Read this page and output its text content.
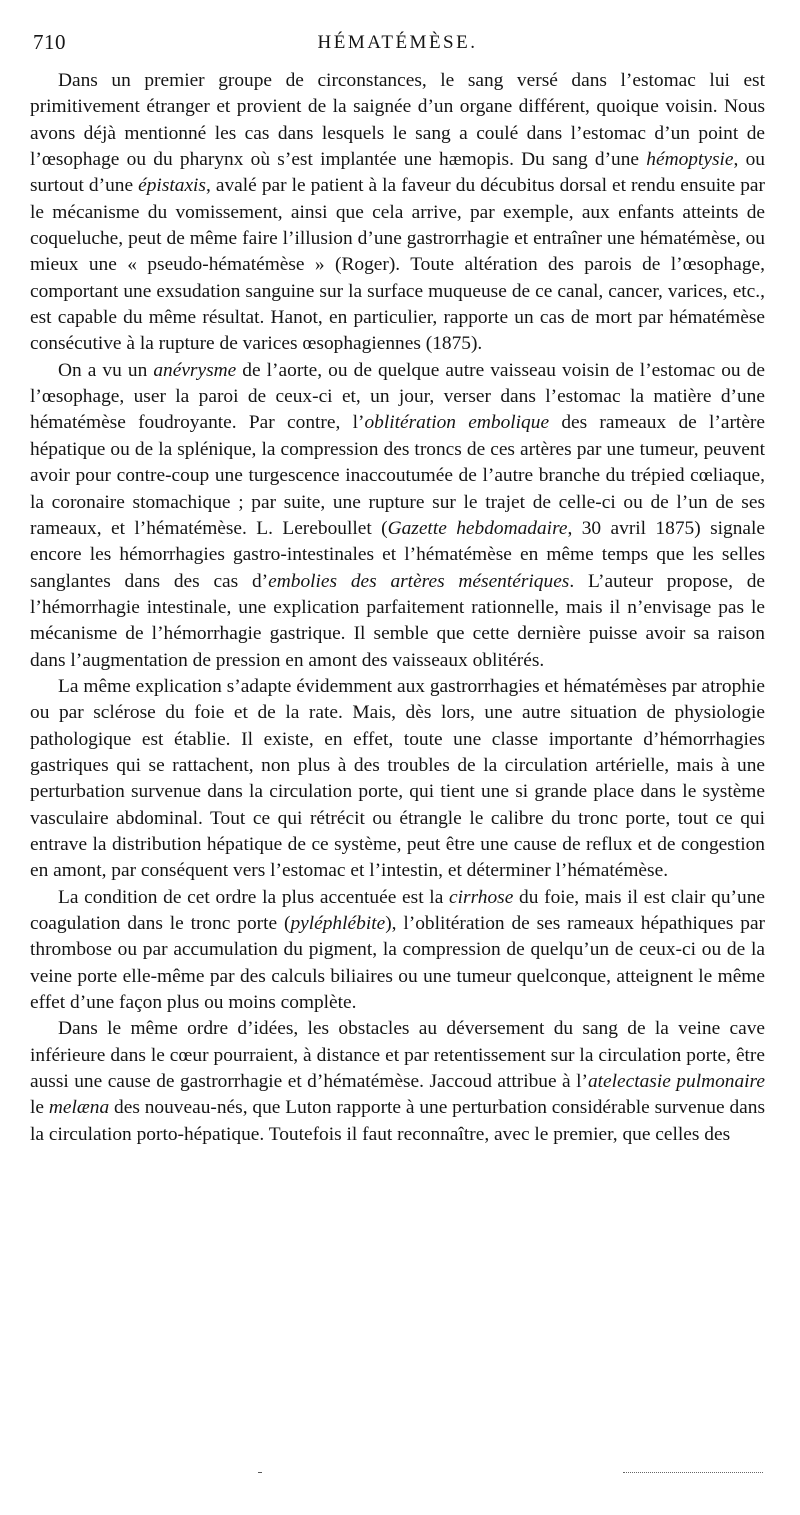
710	HÉMATÉMÈSE.

Dans un premier groupe de circonstances, le sang versé dans l’estomac lui est primitivement étranger et provient de la saignée d’un organe différent, quoique voisin. Nous avons déjà mentionné les cas dans lesquels le sang a coulé dans l’estomac d’un point de l’œsophage ou du pharynx où s’est implantée une hæmopis. Du sang d’une hémoptysie, ou surtout d’une épistaxis, avalé par le patient à la faveur du décubitus dorsal et rendu ensuite par le mécanisme du vomissement, ainsi que cela arrive, par exemple, aux enfants atteints de coqueluche, peut de même faire l’illusion d’une gastrorrhagie et entraîner une hématémèse, ou mieux une « pseudo-hématémèse » (Roger). Toute altération des parois de l’œsophage, comportant une exsudation sanguine sur la surface muqueuse de ce canal, cancer, varices, etc., est capable du même résultat. Hanot, en particulier, rapporte un cas de mort par hématémèse consécutive à la rupture de varices œsophagiennes (1875).

On a vu un anévrysme de l’aorte, ou de quelque autre vaisseau voisin de l’estomac ou de l’œsophage, user la paroi de ceux-ci et, un jour, verser dans l’estomac la matière d’une hématémèse foudroyante. Par contre, l’oblitération embolique des rameaux de l’artère hépatique ou de la splénique, la compression des troncs de ces artères par une tumeur, peuvent avoir pour contre-coup une turgescence inaccoutumée de l’autre branche du trépied cœliaque, la coronaire stomachique ; par suite, une rupture sur le trajet de celle-ci ou de l’un de ses rameaux, et l’hématémèse. L. Lereboullet (Gazette hebdomadaire, 30 avril 1875) signale encore les hémorrhagies gastro-intestinales et l’hématémèse en même temps que les selles sanglantes dans des cas d’embolies des artères mésentériques. L’auteur propose, de l’hémorrhagie intestinale, une explication parfaitement rationnelle, mais il n’envisage pas le mécanisme de l’hémorrhagie gastrique. Il semble que cette dernière puisse avoir sa raison dans l’augmentation de pression en amont des vaisseaux oblitérés.

La même explication s’adapte évidemment aux gastrorrhagies et hématémèses par atrophie ou par sclérose du foie et de la rate. Mais, dès lors, une autre situation de physiologie pathologique est établie. Il existe, en effet, toute une classe importante d’hémorrhagies gastriques qui se rattachent, non plus à des troubles de la circulation artérielle, mais à une perturbation survenue dans la circulation porte, qui tient une si grande place dans le système vasculaire abdominal. Tout ce qui rétrécit ou étrangle le calibre du tronc porte, tout ce qui entrave la distribution hépatique de ce système, peut être une cause de reflux et de congestion en amont, par conséquent vers l’estomac et l’intestin, et déterminer l’hématémèse.

La condition de cet ordre la plus accentuée est la cirrhose du foie, mais il est clair qu’une coagulation dans le tronc porte (pyléphlébite), l’oblitération de ses rameaux hépathiques par thrombose ou par accumulation du pigment, la compression de quelqu’un de ceux-ci ou de la veine porte elle-même par des calculs biliaires ou une tumeur quelconque, atteignent le même effet d’une façon plus ou moins complète.

Dans le même ordre d’idées, les obstacles au déversement du sang de la veine cave inférieure dans le cœur pourraient, à distance et par retentissement sur la circulation porte, être aussi une cause de gastrorrhagie et d’hématémèse. Jaccoud attribue à l’atelectasie pulmonaire le melæna des nouveau-nés, que Luton rapporte à une perturbation considérable survenue dans la circulation porto-hépatique. Toutefois il faut reconnaître, avec le premier, que celles des
